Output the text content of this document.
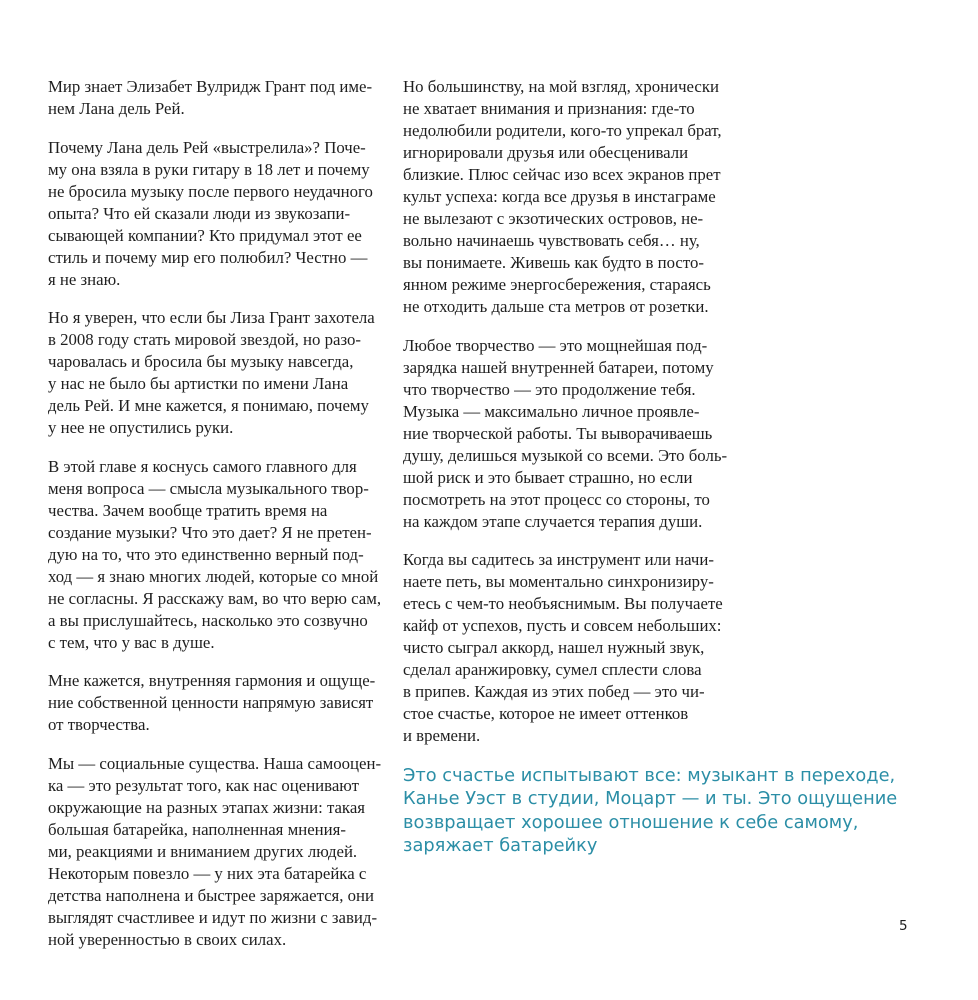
Мир знает Элизабет Вулридж Грант под име-
нем Лана дель Рей.

Почему Лана дель Рей «выстрелила»? Поче-
му она взяла в руки гитару в 18 лет и почему
не бросила музыку после первого неудачного
опыта? Что ей сказали люди из звукозапи-
сывающей компании? Кто придумал этот ее
стиль и почему мир его полюбил? Честно —
я не знаю.

Но я уверен, что если бы Лиза Грант захотела
в 2008 году стать мировой звездой, но разо-
чаровалась и бросила бы музыку навсегда,
у нас не было бы артистки по имени Лана
дель Рей. И мне кажется, я понимаю, почему
у нее не опустились руки.

В этой главе я коснусь самого главного для
меня вопроса — смысла музыкального твор-
чества. Зачем вообще тратить время на
создание музыки? Что это дает? Я не претен-
дую на то, что это единственно верный под-
ход — я знаю многих людей, которые со мной
не согласны. Я расскажу вам, во что верю сам,
а вы прислушайтесь, насколько это созвучно
с тем, что у вас в душе.

Мне кажется, внутренняя гармония и ощуще-
ние собственной ценности напрямую зависят
от творчества.

Мы — социальные существа. Наша самооцен-
ка — это результат того, как нас оценивают
окружающие на разных этапах жизни: такая
большая батарейка, наполненная мнения-
ми, реакциями и вниманием других людей.
Некоторым повезло — у них эта батарейка с
детства наполнена и быстрее заряжается, они
выглядят счастливее и идут по жизни с завид-
ной уверенностью в своих силах.

Но большинству, на мой взгляд, хронически
не хватает внимания и признания: где-то
недолюбили родители, кого-то упрекал брат,
игнорировали друзья или обесценивали
близкие. Плюс сейчас изо всех экранов прет
культ успеха: когда все друзья в инстаграме
не вылезают с экзотических островов, не-
вольно начинаешь чувствовать себя… ну,
вы понимаете. Живешь как будто в посто-
янном режиме энергосбережения, стараясь
не отходить дальше ста метров от розетки.

Любое творчество — это мощнейшая под-
зарядка нашей внутренней батареи, потому
что творчество — это продолжение тебя.
Музыка — максимально личное проявле-
ние творческой работы. Ты выворачиваешь
душу, делишься музыкой со всеми. Это боль-
шой риск и это бывает страшно, но если
посмотреть на этот процесс со стороны, то
на каждом этапе случается терапия души.

Когда вы садитесь за инструмент или начи-
наете петь, вы моментально синхронизиру-
етесь с чем-то необъяснимым. Вы получаете
кайф от успехов, пусть и совсем небольших:
чисто сыграл аккорд, нашел нужный звук,
сделал аранжировку, сумел сплести слова
в припев. Каждая из этих побед — это чи-
стое счастье, которое не имеет оттенков
и времени.

Это счастье испытывают все: музыкант в переходе,
Канье Уэст в студии, Моцарт — и ты. Это ощущение
возвращает хорошее отношение к себе самому,
заряжает батарейку

5
